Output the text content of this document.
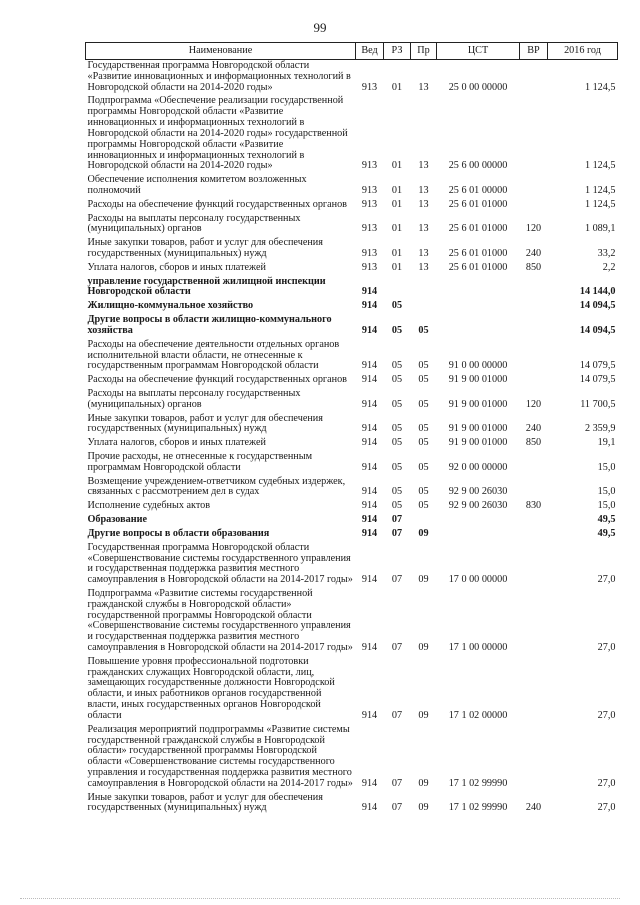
99
Наименование	Вед	РЗ	Пр	ЦСТ	ВР	2016 год
Государственная программа Новгородской области «Развитие инновационных и информационных технологий в Новгородской области на 2014-2020 годы»	913	01	13	25 0 00 00000		1 124,5
Подпрограмма «Обеспечение реализации государственной программы Новгородской области «Развитие инновационных и информационных технологий в Новгородской области на 2014-2020 годы» государственной программы Новгородской области «Развитие инновационных и информационных технологий в Новгородской области на 2014-2020 годы»	913	01	13	25 6 00 00000		1 124,5
Обеспечение исполнения комитетом возложенных полномочий	913	01	13	25 6 01 00000		1 124,5
Расходы на обеспечение функций государственных органов	913	01	13	25 6 01 01000		1 124,5
Расходы на выплаты персоналу государственных (муниципальных) органов	913	01	13	25 6 01 01000	120	1 089,1
Иные закупки товаров, работ и услуг для обеспечения государственных (муниципальных) нужд	913	01	13	25 6 01 01000	240	33,2
Уплата налогов, сборов и иных платежей	913	01	13	25 6 01 01000	850	2,2
управление государственной жилищной инспекции Новгородской области	914					14 144,0
Жилищно-коммунальное хозяйство	914	05				14 094,5
Другие вопросы в области жилищно-коммунального хозяйства	914	05	05			14 094,5
Расходы на обеспечение деятельности отдельных органов исполнительной власти области, не отнесенные к государственным программам Новгородской области	914	05	05	91 0 00 00000		14 079,5
Расходы на обеспечение функций государственных органов	914	05	05	91 9 00 01000		14 079,5
Расходы на выплаты персоналу государственных (муниципальных) органов	914	05	05	91 9 00 01000	120	11 700,5
Иные закупки товаров, работ и услуг для обеспечения государственных (муниципальных) нужд	914	05	05	91 9 00 01000	240	2 359,9
Уплата налогов, сборов и иных платежей	914	05	05	91 9 00 01000	850	19,1
Прочие расходы, не отнесенные к государственным программам Новгородской области	914	05	05	92 0 00 00000		15,0
Возмещение учреждением-ответчиком судебных издержек, связанных с рассмотрением дел в судах	914	05	05	92 9 00 26030		15,0
Исполнение судебных актов	914	05	05	92 9 00 26030	830	15,0
Образование	914	07				49,5
Другие вопросы в области образования	914	07	09			49,5
Государственная программа Новгородской области «Совершенствование системы государственного управления и государственная поддержка развития местного самоуправления в Новгородской области на 2014-2017 годы»	914	07	09	17 0 00 00000		27,0
Подпрограмма «Развитие системы государственной гражданской службы в Новгородской области» государственной программы Новгородской области «Совершенствование системы государственного управления и государственная поддержка развития местного самоуправления в Новгородской области на 2014-2017 годы»	914	07	09	17 1 00 00000		27,0
Повышение уровня профессиональной подготовки гражданских служащих Новгородской области, лиц, замещающих государственные должности Новгородской области, и иных работников органов государственной власти, иных государственных органов Новгородской области	914	07	09	17 1 02 00000		27,0
Реализация мероприятий подпрограммы «Развитие системы государственной гражданской службы в Новгородской области» государственной программы Новгородской области «Совершенствование системы государственного управления и государственная поддержка развития местного самоуправления в Новгородской области на 2014-2017 годы»	914	07	09	17 1 02 99990		27,0
Иные закупки товаров, работ и услуг для обеспечения государственных (муниципальных) нужд	914	07	09	17 1 02 99990	240	27,0
